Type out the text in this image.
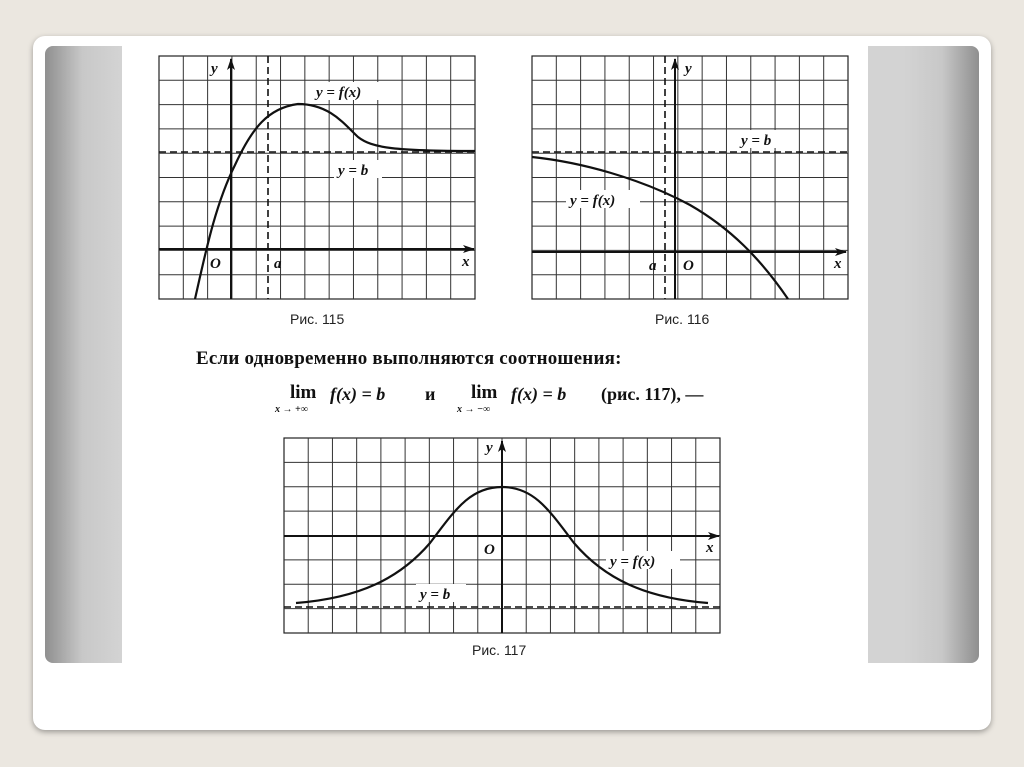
y
x
O	a
y = f(x)
y = b
y
x
O
a
y = b
y = f(x)
y
x
O
y = f(x)
y = b
Рис. 115	Рис. 116
Рис. 117
Если одновременно выполняются соотношения:
lim
x → +∞
f(x) = b и lim
x → −∞
f(x) = b (рис. 117), —
